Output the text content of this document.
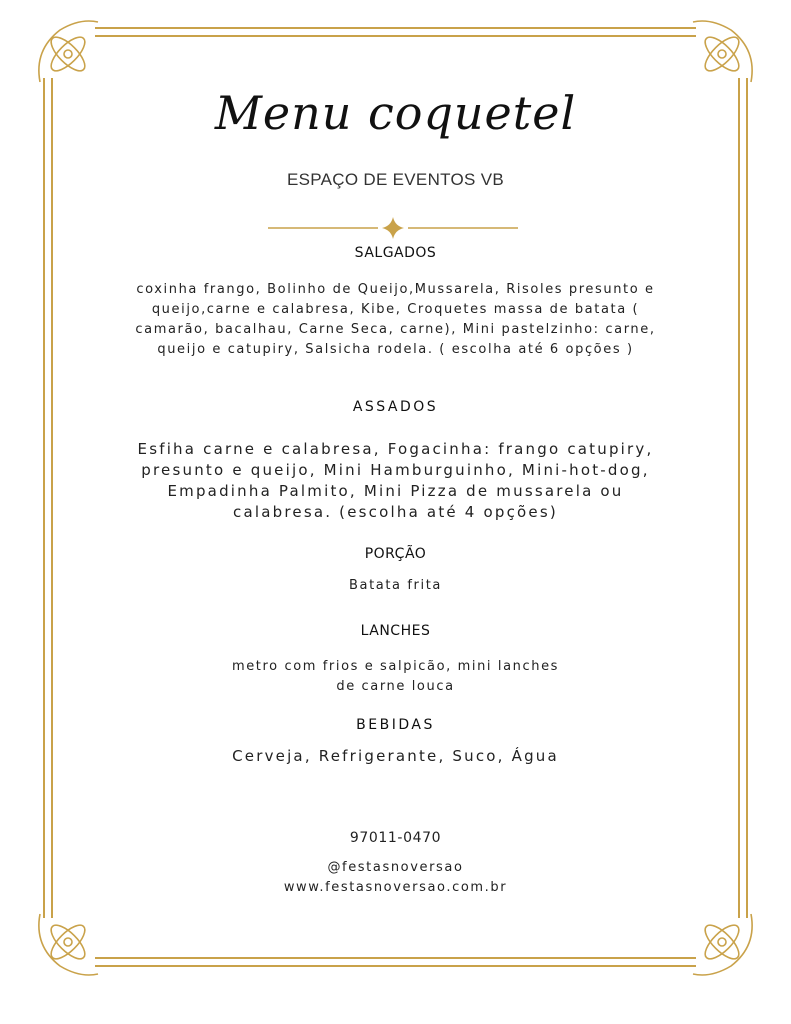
Menu coquetel
ESPAÇO DE EVENTOS VB
SALGADOS
coxinha frango, Bolinho de Queijo,Mussarela, Risoles presunto e queijo,carne e calabresa, Kibe, Croquetes massa de batata ( camarão, bacalhau, Carne Seca, carne), Mini pastelzinho: carne, queijo e catupiry, Salsicha rodela. ( escolha até 6 opções )
ASSADOS
Esfiha carne e calabresa, Fogacinha: frango catupiry, presunto e queijo, Mini Hamburguinho, Mini-hot-dog, Empadinha Palmito, Mini Pizza de mussarela ou calabresa. (escolha até 4 opções)
PORÇÃO
Batata frita
LANCHES
metro com frios e salpicão, mini lanches de carne louca
BEBIDAS
Cerveja, Refrigerante, Suco, Água
97011-0470
@festasnoversao
www.festasnoversao.com.br
